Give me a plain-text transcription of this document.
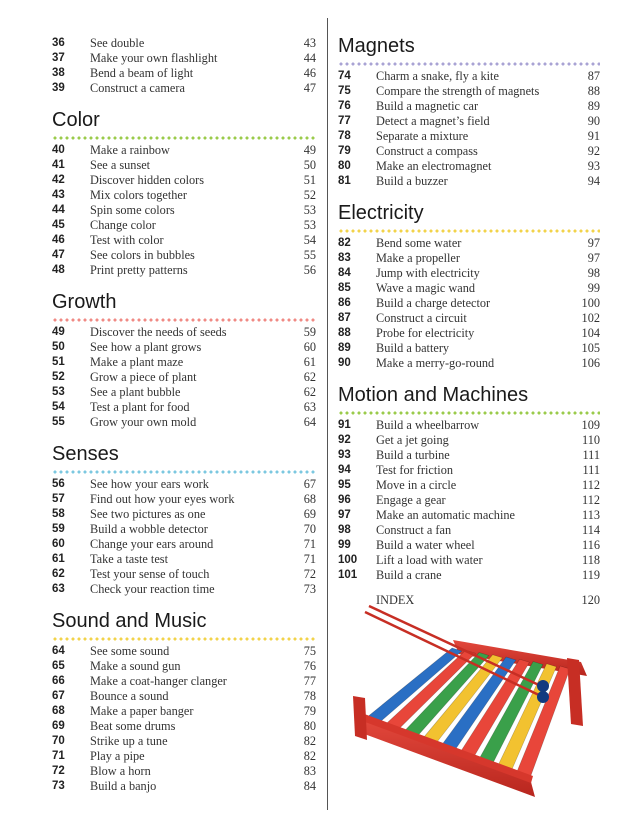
36 See double	43
37 Make your own flashlight	44
38 Bend a beam of light	46
39 Construct a camera	47
Color
40 Make a rainbow	49
41 See a sunset	50
42 Discover hidden colors	51
43 Mix colors together	52
44 Spin some colors	53
45 Change color	53
46 Test with color	54
47 See colors in bubbles	55
48 Print pretty patterns	56
Growth
49 Discover the needs of seeds	59
50 See how a plant grows	60
51 Make a plant maze	61
52 Grow a piece of plant	62
53 See a plant bubble	62
54 Test a plant for food	63
55 Grow your own mold	64
Senses
56 See how your ears work	67
57 Find out how your eyes work	68
58 See two pictures as one	69
59 Build a wobble detector	70
60 Change your ears around	71
61 Take a taste test	71
62 Test your sense of touch	72
63 Check your reaction time	73
Sound and Music
64 See some sound	75
65 Make a sound gun	76
66 Make a coat-hanger clanger	77
67 Bounce a sound	78
68 Make a paper banger	79
69 Beat some drums	80
70 Strike up a tune	82
71 Play a pipe	82
72 Blow a horn	83
73 Build a banjo	84
Magnets
74 Charm a snake, fly a kite	87
75 Compare the strength of magnets	88
76 Build a magnetic car	89
77 Detect a magnet’s field	90
78 Separate a mixture	91
79 Construct a compass	92
80 Make an electromagnet	93
81 Build a buzzer	94
Electricity
82 Bend some water	97
83 Make a propeller	97
84 Jump with electricity	98
85 Wave a magic wand	99
86 Build a charge detector	100
87 Construct a circuit	102
88 Probe for electricity	104
89 Build a battery	105
90 Make a merry-go-round	106
Motion and Machines
91 Build a wheelbarrow	109
92 Get a jet going	110
93 Build a turbine	111
94 Test for friction	111
95 Move in a circle	112
96 Engage a gear	112
97 Make an automatic machine	113
98 Construct a fan	114
99 Build a water wheel	116
100 Lift a load with water	118
101 Build a crane	119
INDEX	120
